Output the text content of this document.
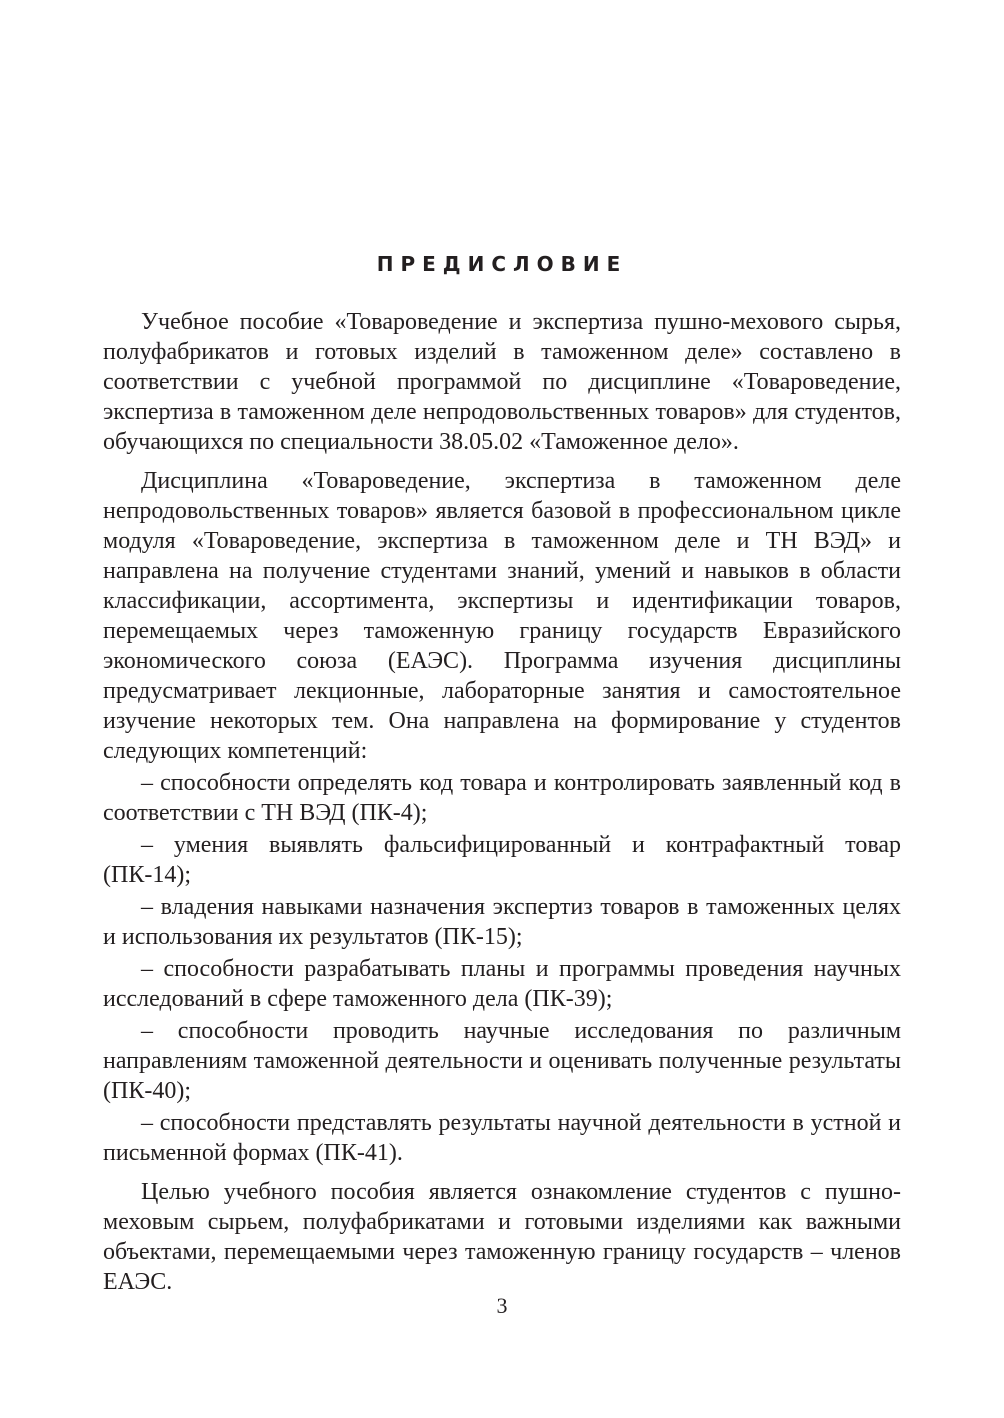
ПРЕДИСЛОВИЕ

Учебное пособие «Товароведение и экспертиза пушно-мехового сырья, полуфабрикатов и готовых изделий в таможенном деле» составлено в соответствии с учебной программой по дисциплине «Товароведение, экспертиза в таможенном деле непродовольственных товаров» для студентов, обучающихся по специальности 38.05.02 «Таможенное дело».

Дисциплина «Товароведение, экспертиза в таможенном деле непродовольственных товаров» является базовой в профессиональном цикле модуля «Товароведение, экспертиза в таможенном деле и ТН ВЭД» и направлена на получение студентами знаний, умений и навыков в области классификации, ассортимента, экспертизы и идентификации товаров, перемещаемых через таможенную границу государств Евразийского экономического союза (ЕАЭС). Программа изучения дисциплины предусматривает лекционные, лабораторные занятия и самостоятельное изучение некоторых тем. Она направлена на формирование у студентов следующих компетенций:

– способности определять код товара и контролировать заявленный код в соответствии с ТН ВЭД (ПК-4);

– умения выявлять фальсифицированный и контрафактный товар (ПК-14);

– владения навыками назначения экспертиз товаров в таможенных целях и использования их результатов (ПК-15);

– способности разрабатывать планы и программы проведения научных исследований в сфере таможенного дела (ПК-39);

– способности проводить научные исследования по различным направлениям таможенной деятельности и оценивать полученные результаты (ПК-40);

– способности представлять результаты научной деятельности в устной и письменной формах (ПК-41).

Целью учебного пособия является ознакомление студентов с пушно-меховым сырьем, полуфабрикатами и готовыми изделиями как важными объектами, перемещаемыми через таможенную границу государств – членов ЕАЭС.

3
